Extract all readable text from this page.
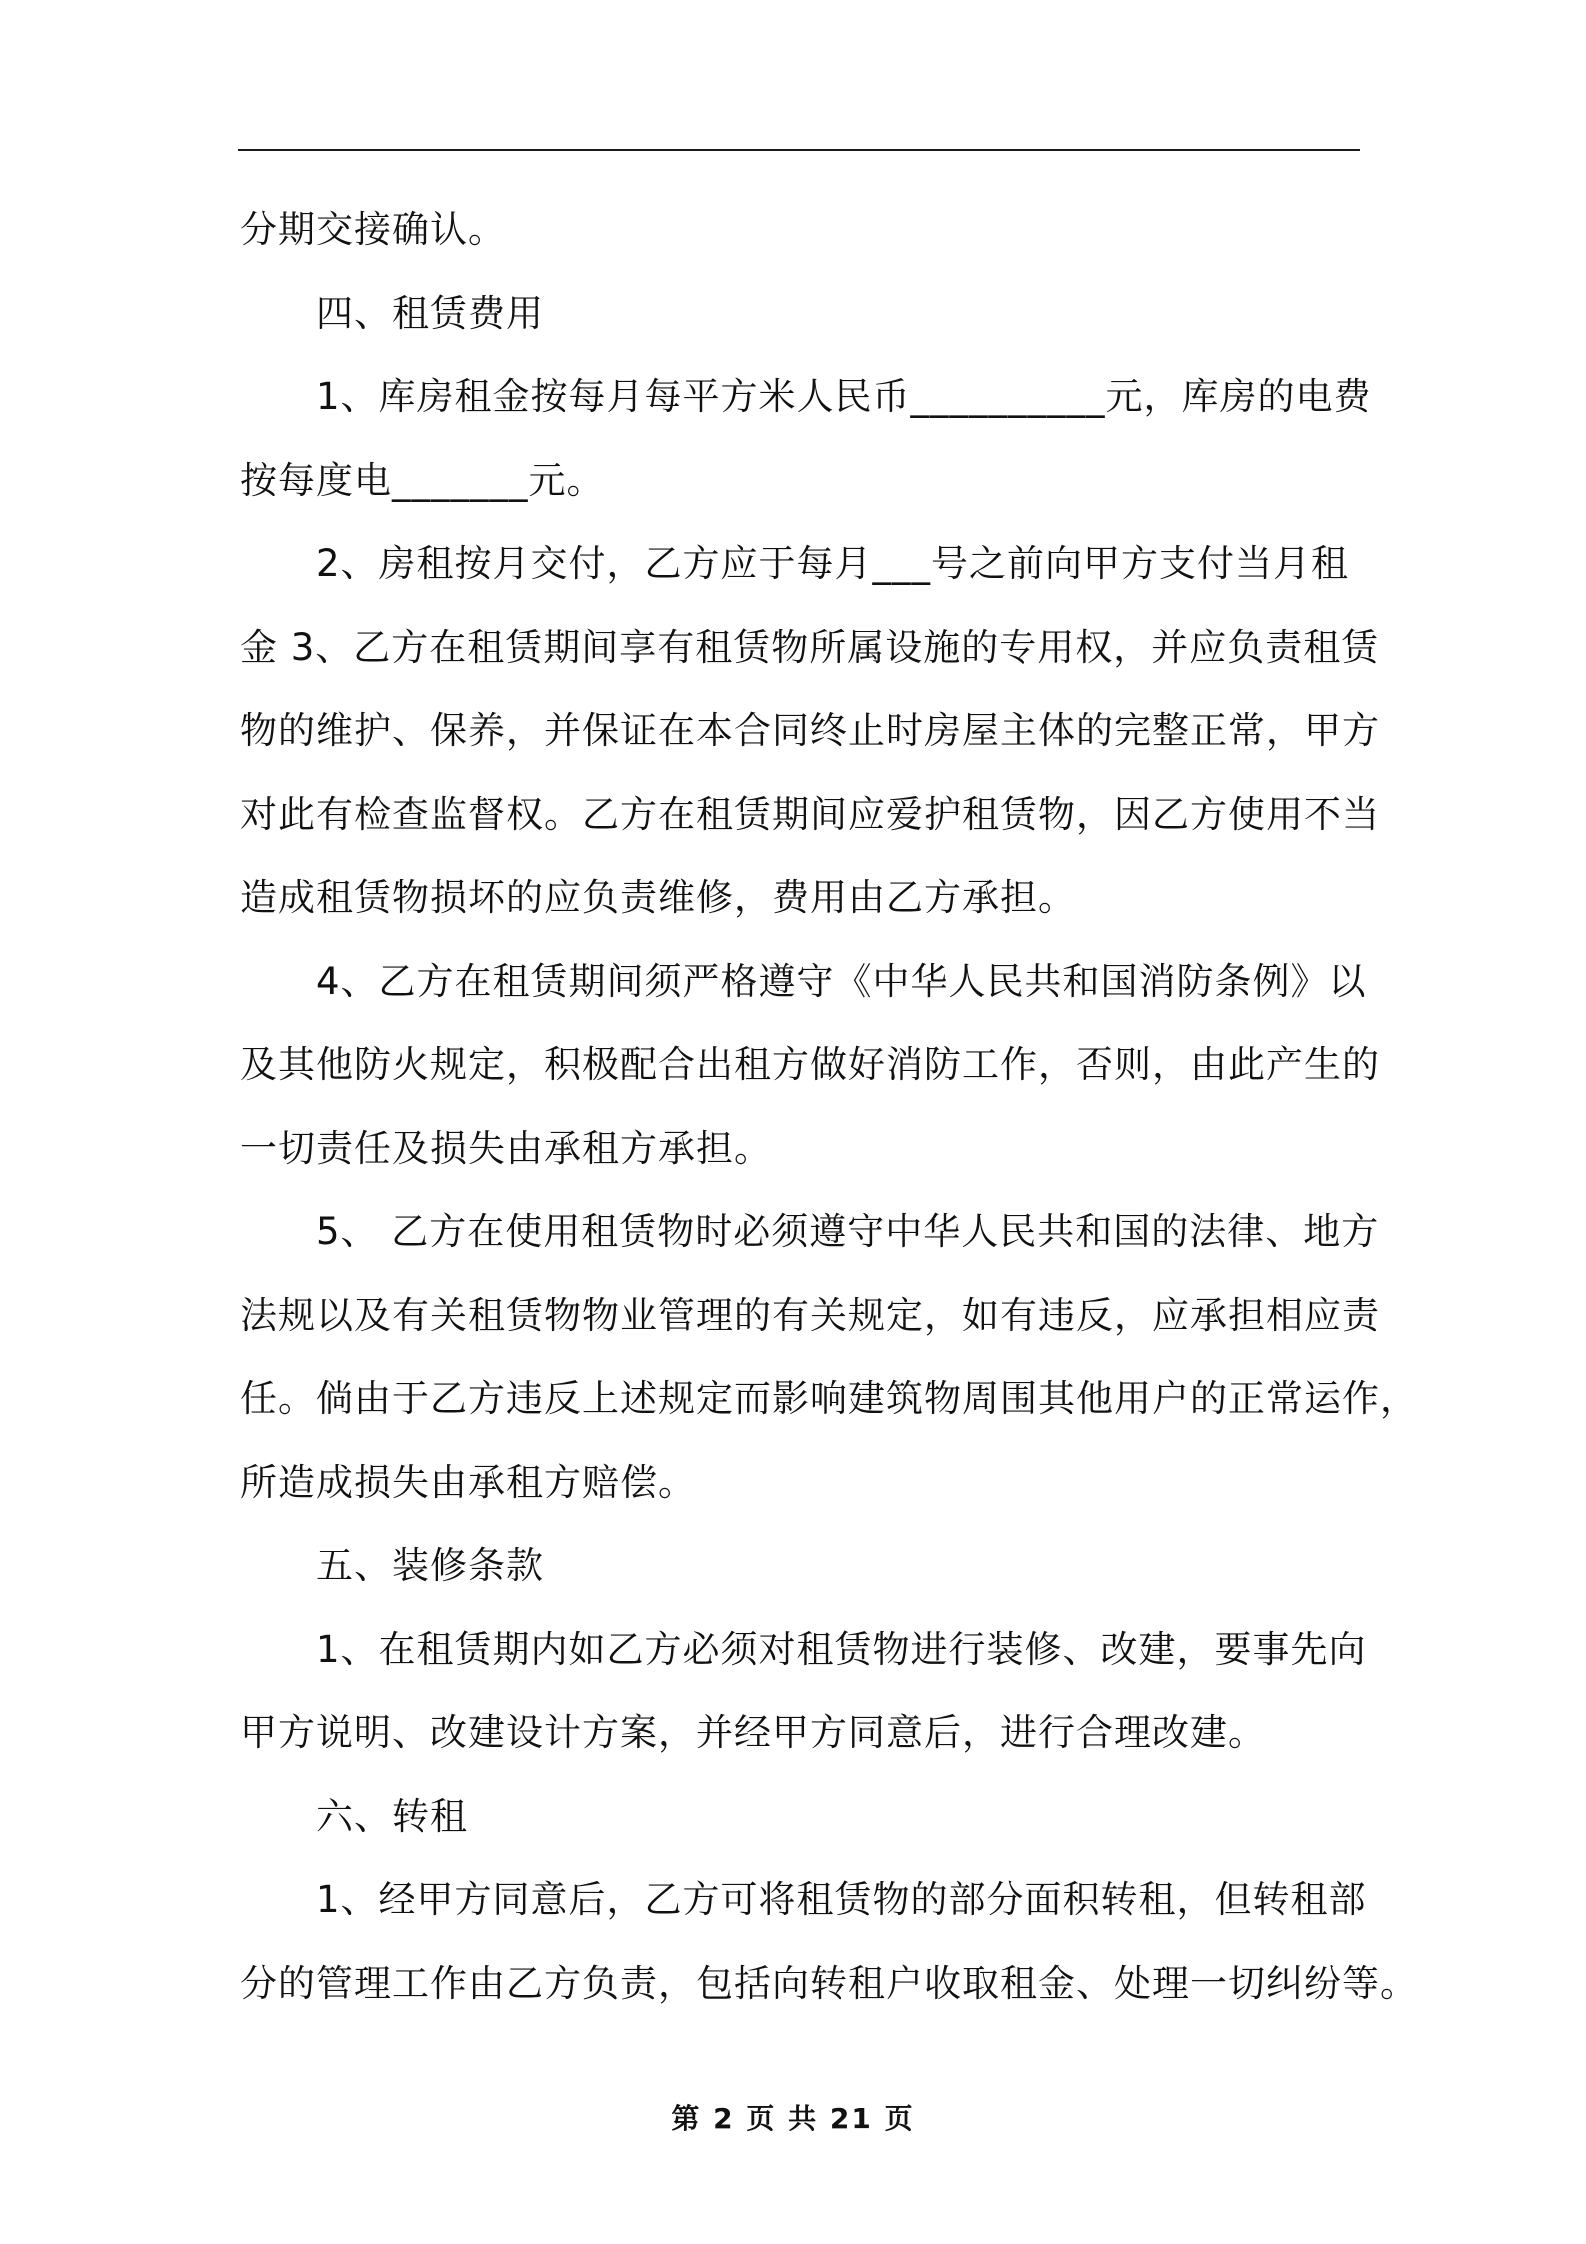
分期交接确认。

四、租赁费用

1、库房租金按每月每平方米人民币__________元，库房的电费

按每度电_______元。

2、房租按月交付，乙方应于每月___号之前向甲方支付当月租

金 3、乙方在租赁期间享有租赁物所属设施的专用权，并应负责租赁

物的维护、保养，并保证在本合同终止时房屋主体的完整正常，甲方

对此有检查监督权。乙方在租赁期间应爱护租赁物，因乙方使用不当

造成租赁物损坏的应负责维修，费用由乙方承担。

4、乙方在租赁期间须严格遵守《中华人民共和国消防条例》以

及其他防火规定，积极配合出租方做好消防工作，否则，由此产生的

一切责任及损失由承租方承担。

5、 乙方在使用租赁物时必须遵守中华人民共和国的法律、地方

法规以及有关租赁物物业管理的有关规定，如有违反，应承担相应责

任。倘由于乙方违反上述规定而影响建筑物周围其他用户的正常运作，

所造成损失由承租方赔偿。

五、装修条款

1、在租赁期内如乙方必须对租赁物进行装修、改建，要事先向

甲方说明、改建设计方案，并经甲方同意后，进行合理改建。

六、转租

1、经甲方同意后，乙方可将租赁物的部分面积转租，但转租部

分的管理工作由乙方负责，包括向转租户收取租金、处理一切纠纷等。

第 2 页 共 21 页
